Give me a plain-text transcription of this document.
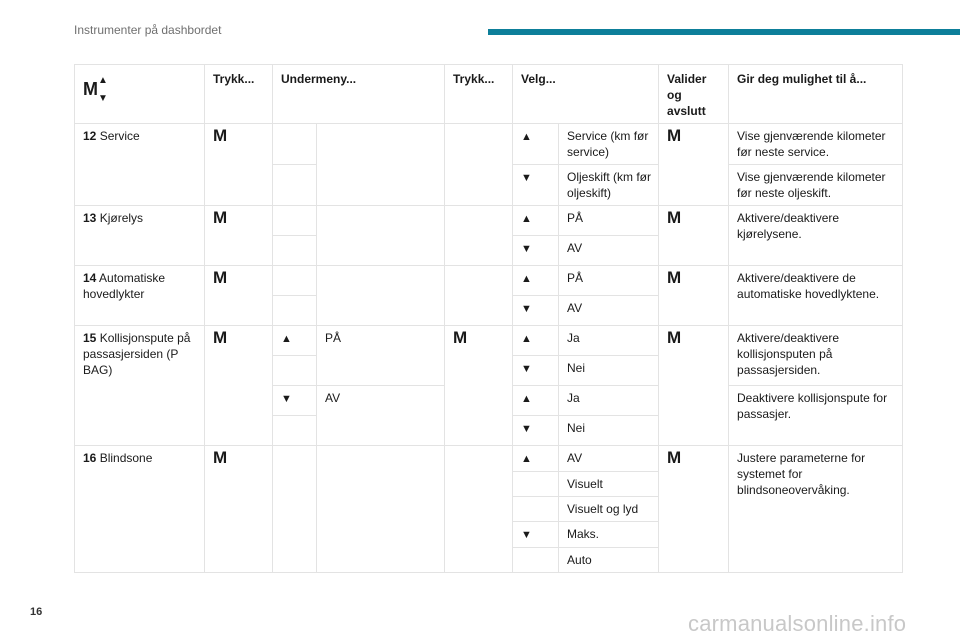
Instrumenter på dashbordet
M ▲
▼	Trykk...	Undermeny...		Trykk...	Velg...		Valider og avslutt	Gir deg mulighet til å...
12 Service	M				▲	Service (km før service)	M	Vise gjenværende kilometer før neste service.
					▼	Oljeskift (km før oljeskift)		Vise gjenværende kilometer før neste oljeskift.
13 Kjørelys	M				▲	PÅ	M	Aktivere/deaktivere kjørelysene.
					▼	AV		
14 Automatiske hovedlykter	M				▲	PÅ	M	Aktivere/deaktivere de automatiske hovedlyktene.
					▼	AV		
15 Kollisjonspute på passasjersiden (P BAG)	M	▲	PÅ	M	▲	Ja	M	Aktivere/deaktivere kollisjonsputen på passasjersiden.
					▼	Nei		
		▼	AV		▲	Ja		Deaktivere kollisjonspute for passasjer.
					▼	Nei		
16 Blindsone	M				▲	AV	M	Justere parameterne for systemet for blindsoneovervåking.
						Visuelt		
						Visuelt og lyd		
					▼	Maks.		
						Auto		
16	carmanualsonline.info
